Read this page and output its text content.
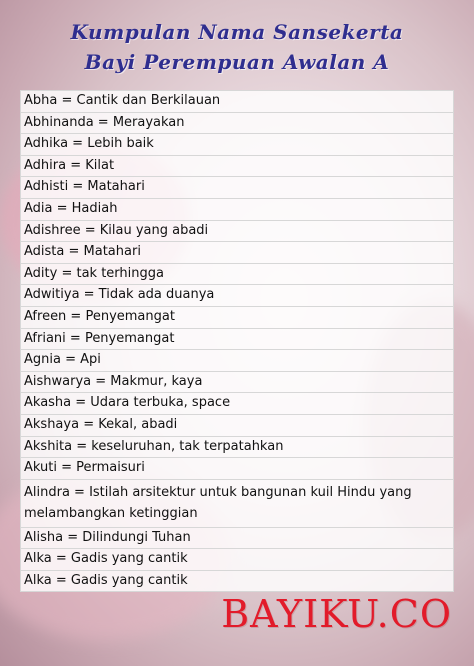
Kumpulan Nama Sansekerta
Bayi Perempuan Awalan A
Abha = Cantik dan Berkilauan
Abhinanda = Merayakan
Adhika = Lebih baik
Adhira = Kilat
Adhisti = Matahari
Adia = Hadiah
Adishree = Kilau yang abadi
Adista = Matahari
Adity = tak terhingga
Adwitiya = Tidak ada duanya
Afreen = Penyemangat
Afriani = Penyemangat
Agnia = Api
Aishwarya = Makmur, kaya
Akasha = Udara terbuka, space
Akshaya = Kekal, abadi
Akshita = keseluruhan, tak terpatahkan
Akuti = Permaisuri
Alindra = Istilah arsitektur untuk bangunan kuil Hindu yang melambangkan ketinggian
Alisha = Dilindungi Tuhan
Alka = Gadis yang cantik
Alka = Gadis yang cantik
BAYIKU.CO
